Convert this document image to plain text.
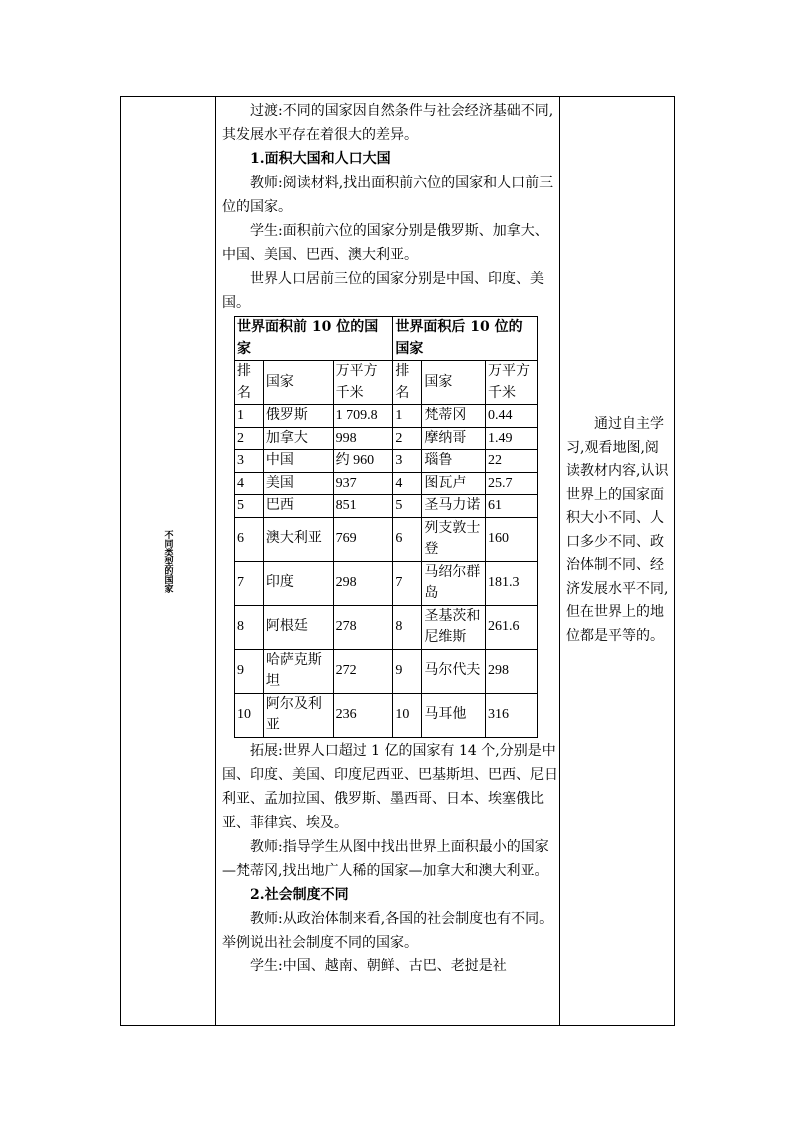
不同类型的国家

过渡:不同的国家因自然条件与社会经济基础不同,其发展水平存在着很大的差异。

1.面积大国和人口大国

教师:阅读材料,找出面积前六位的国家和人口前三位的国家。

学生:面积前六位的国家分别是俄罗斯、加拿大、中国、美国、巴西、澳大利亚。

世界人口居前三位的国家分别是中国、印度、美国。

世界面积前 10 位的国家			世界面积后 10 位的国家		
排名	国家	万平方千米	排名	国家	万平方千米
1	俄罗斯	1 709.8	1	梵蒂冈	0.44
2	加拿大	998	2	摩纳哥	1.49
3	中国	约 960	3	瑙鲁	22
4	美国	937	4	图瓦卢	25.7
5	巴西	851	5	圣马力诺	61
6	澳大利亚	769	6	列支敦士登	160
7	印度	298	7	马绍尔群岛	181.3
8	阿根廷	278	8	圣基茨和尼维斯	261.6
9	哈萨克斯坦	272	9	马尔代夫	298
10	阿尔及利亚	236	10	马耳他	316

拓展:世界人口超过 1 亿的国家有 14 个,分别是中国、印度、美国、印度尼西亚、巴基斯坦、巴西、尼日利亚、孟加拉国、俄罗斯、墨西哥、日本、埃塞俄比亚、菲律宾、埃及。

教师:指导学生从图中找出世界上面积最小的国家—梵蒂冈,找出地广人稀的国家—加拿大和澳大利亚。

2.社会制度不同

教师:从政治体制来看,各国的社会制度也有不同。举例说出社会制度不同的国家。

学生:中国、越南、朝鲜、古巴、老挝是社

通过自主学习,观看地图,阅读教材内容,认识世界上的国家面积大小不同、人口多少不同、政治体制不同、经济发展水平不同,但在世界上的地位都是平等的。
